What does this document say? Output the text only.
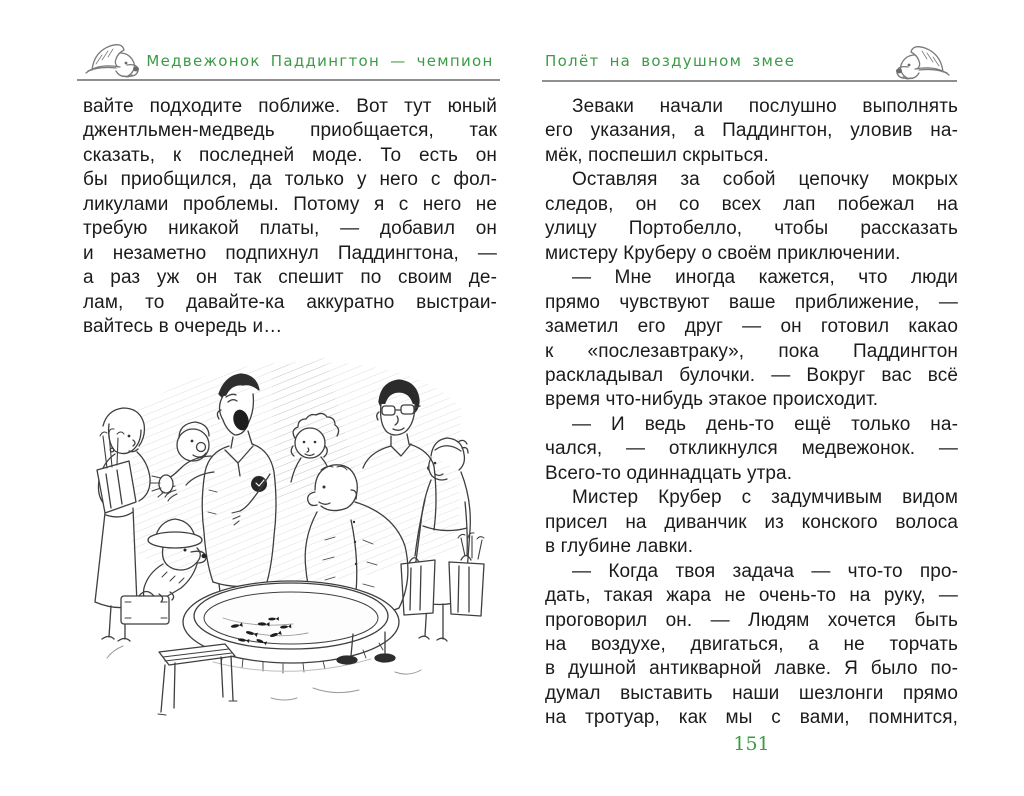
Медвежонок Паддингтон — чемпион	Полёт на воздушном змее
вайте подходите поближе. Вот тут юный
джентльмен-медведь приобщается, так
сказать, к последней моде. То есть он
бы приобщился, да только у него с фол-
ликулами проблемы. Потому я с него не
требую никакой платы, — добавил он
и незаметно подпихнул Паддингтона, —
а раз уж он так спешит по своим де-
лам, то давайте-ка аккуратно выстраи-
вайтесь в очередь и…
Зеваки начали послушно выполнять
его указания, а Паддингтон, уловив на-
мёк, поспешил скрыться.
Оставляя за собой цепочку мокрых
следов, он со всех лап побежал на
улицу Портобелло, чтобы рассказать
мистеру Круберу о своём приключении.
— Мне иногда кажется, что люди
прямо чувствуют ваше приближение, —
заметил его друг — он готовил какао
к «послезавтраку», пока Паддингтон
раскладывал булочки. — Вокруг вас всё
время что-нибудь этакое происходит.
— И ведь день-то ещё только на-
чался, — откликнулся медвежонок. —
Всего-то одиннадцать утра.
Мистер Крубер с задумчивым видом
присел на диванчик из конского волоса
в глубине лавки.
— Когда твоя задача — что-то про-
дать, такая жара не очень-то на руку, —
проговорил он. — Людям хочется быть
на воздухе, двигаться, а не торчать
в душной антикварной лавке. Я было по-
думал выставить наши шезлонги прямо
на тротуар, как мы с вами, помнится,
151
